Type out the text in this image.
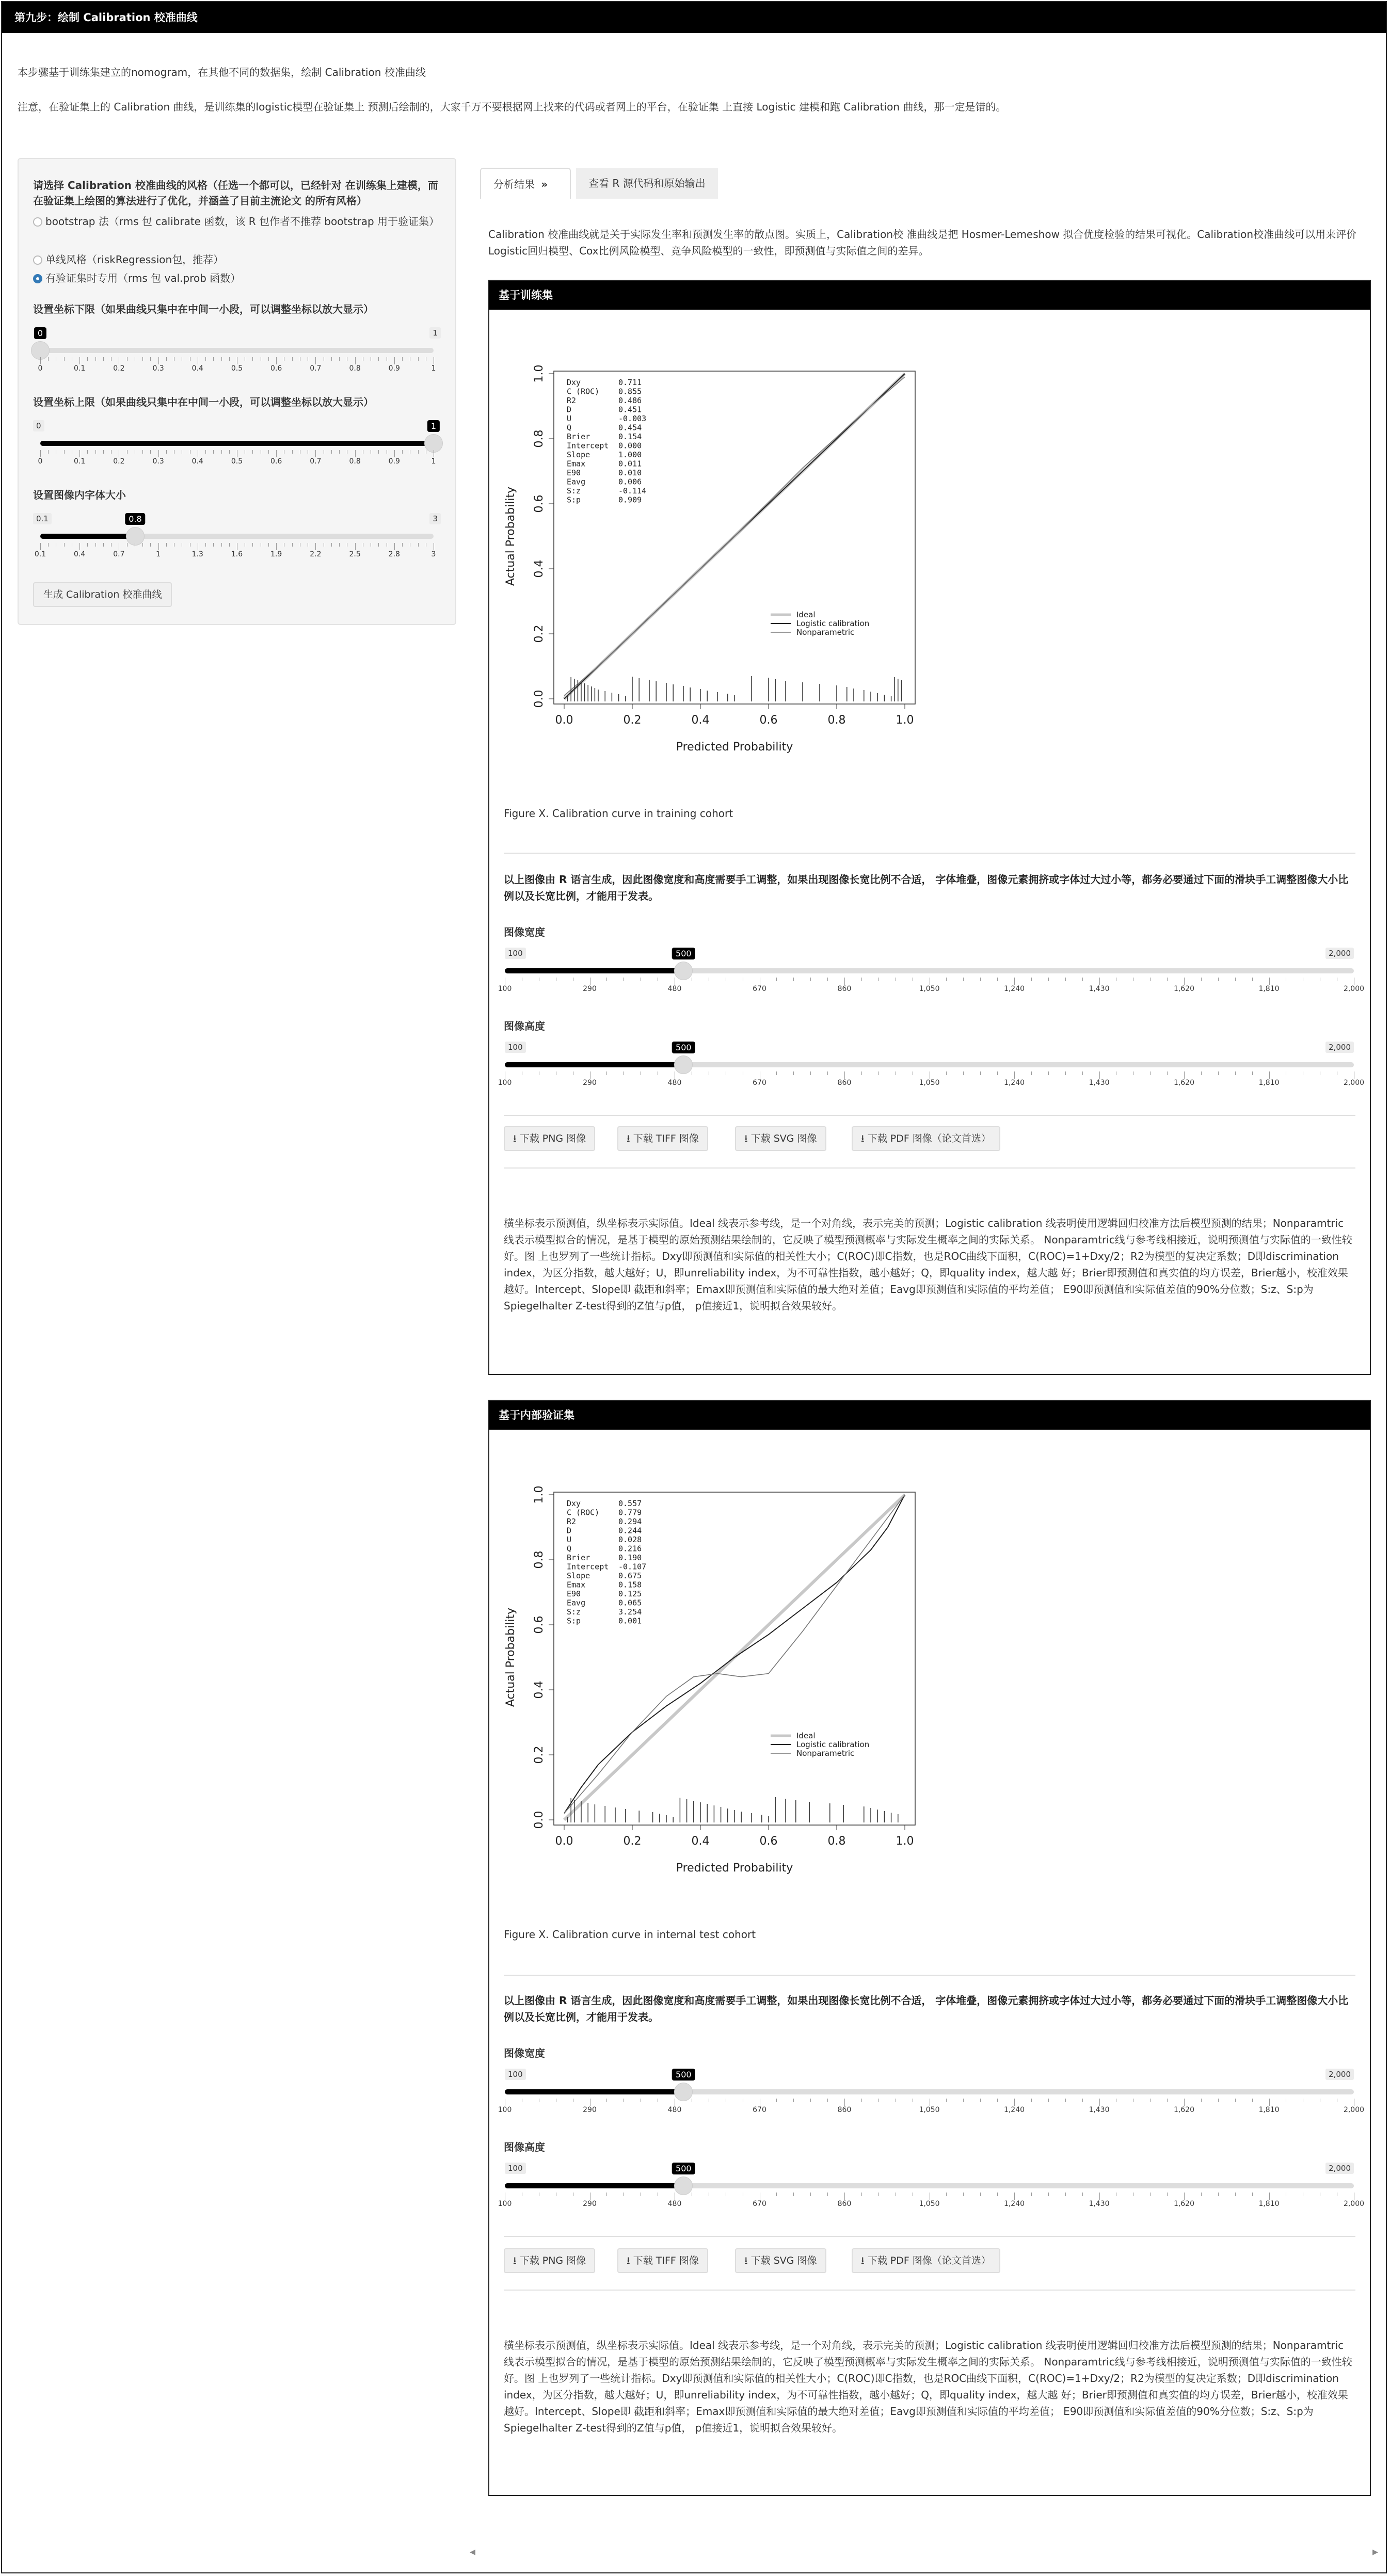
第九步：绘制 Calibration 校准曲线
本步骤基于训练集建立的nomogram，在其他不同的数据集，绘制 Calibration 校准曲线
注意，在验证集上的 Calibration 曲线，是训练集的logistic模型在验证集上 预测后绘制的，大家千万不要根据网上找来的代码或者网上的平台，在验证集 上直接 Logistic 建模和跑 Calibration 曲线，那一定是错的。
请选择 Calibration 校准曲线的风格（任选一个都可以，已经针对 在训练集上建模，而在验证集上绘图的算法进行了优化，并涵盖了目前主流论文 的所有风格）
bootstrap 法（rms 包 calibrate 函数，该 R 包作者不推荐 bootstrap 用于验证集）
单线风格（riskRegression包，推荐）
有验证集时专用（rms 包 val.prob 函数）
设置坐标下限（如果曲线只集中在中间一小段，可以调整坐标以放大显示）
1
0
0	0.1	0.2	0.3	0.4	0.5	0.6	0.7	0.8	0.9	1
设置坐标上限（如果曲线只集中在中间一小段，可以调整坐标以放大显示）
0	1
0	0.1	0.2	0.3	0.4	0.5	0.6	0.7	0.8	0.9	1
设置图像内字体大小
0.1	3
0.8
0.1	0.4	0.7	1	1.3	1.6	1.9	2.2	2.5	2.8	3
生成 Calibration 校准曲线
分析结果 »	查看 R 源代码和原始输出
Calibration 校准曲线就是关于实际发生率和预测发生率的散点图。实质上，Calibration校 准曲线是把 Hosmer-Lemeshow 拟合优度检验的结果可视化。Calibration校准曲线可以用来评价 Logistic回归模型、Cox比例风险模型、竞争风险模型的一致性，即预测值与实际值之间的差异。
基于训练集
0.0
0.0
0.2
0.2
0.4
0.4
0.6
0.6
0.8
0.8
1.0
1.0
Predicted Probability
Actual Probability
Dxy	0.711
C (ROC) 0.855
R2	0.486
D	0.451
U	-0.003
Q	0.454
Brier	0.154
Intercept 0.000
Slope	1.000
Emax	0.011
E90	0.010
Eavg	0.006
S:z	-0.114
S:p	0.909
Ideal
Logistic calibration
Nonparametric
Figure X. Calibration curve in training cohort
以上图像由 R 语言生成，因此图像宽度和高度需要手工调整，如果出现图像长宽比例不合适， 字体堆叠，图像元素拥挤或字体过大过小等，都务必要通过下面的滑块手工调整图像大小比例以及长宽比例，才能用于发表。
图像宽度
100	2,000
500
100	290	480	670	860	1,050	1,240	1,430	1,620	1,810	2,000
图像高度
100	2,000
500
100	290	480	670	860	1,050	1,240	1,430	1,620	1,810	2,000
⭳ 下载 PNG 图像	⭳ 下载 TIFF 图像	⭳ 下载 SVG 图像	⭳ 下载 PDF 图像（论文首选）
横坐标表示预测值，纵坐标表示实际值。Ideal 线表示参考线，是一个对角线，表示完美的预测；Logistic calibration 线表明使用逻辑回归校准方法后模型预测的结果；Nonparamtric 线表示模型拟合的情况，是基于模型的原始预测结果绘制的，它反映了模型预测概率与实际发生概率之间的实际关系。 Nonparamtric线与参考线相接近，说明预测值与实际值的一致性较好。图 上也罗列了一些统计指标。Dxy即预测值和实际值的相关性大小；C(ROC)即C指数，也是ROC曲线下面积，C(ROC)=1+Dxy/2；R2为模型的复决定系数；D即discrimination index，为区分指数，越大越好；U，即unreliability index，为不可靠性指数，越小越好；Q，即quality index，越大越 好；Brier即预测值和真实值的均方误差，Brier越小，校准效果越好。Intercept、Slope即 截距和斜率；Emax即预测值和实际值的最大绝对差值；Eavg即预测值和实际值的平均差值； E90即预测值和实际值差值的90%分位数；S:z、S:p为Spiegelhalter Z-test得到的Z值与p值， p值接近1，说明拟合效果较好。
基于内部验证集
0.0
0.0
0.2
0.2
0.4
0.4
0.6
0.6
0.8
0.8
1.0
1.0
Predicted Probability
Actual Probability
Dxy	0.557
C (ROC) 0.779
R2	0.294
D	0.244
U	0.028
Q	0.216
Brier	0.190
Intercept -0.107
Slope	0.675
Emax	0.158
E90	0.125
Eavg	0.065
S:z	3.254
S:p	0.001
Ideal
Logistic calibration
Nonparametric
Figure X. Calibration curve in internal test cohort
以上图像由 R 语言生成，因此图像宽度和高度需要手工调整，如果出现图像长宽比例不合适， 字体堆叠，图像元素拥挤或字体过大过小等，都务必要通过下面的滑块手工调整图像大小比例以及长宽比例，才能用于发表。
图像宽度
100	2,000
500
100	290	480	670	860	1,050	1,240	1,430	1,620	1,810	2,000
图像高度
100	2,000
500
100	290	480	670	860	1,050	1,240	1,430	1,620	1,810	2,000
⭳ 下载 PNG 图像	⭳ 下载 TIFF 图像	⭳ 下载 SVG 图像	⭳ 下载 PDF 图像（论文首选）
横坐标表示预测值，纵坐标表示实际值。Ideal 线表示参考线，是一个对角线，表示完美的预测；Logistic calibration 线表明使用逻辑回归校准方法后模型预测的结果；Nonparamtric 线表示模型拟合的情况，是基于模型的原始预测结果绘制的，它反映了模型预测概率与实际发生概率之间的实际关系。 Nonparamtric线与参考线相接近，说明预测值与实际值的一致性较好。图 上也罗列了一些统计指标。Dxy即预测值和实际值的相关性大小；C(ROC)即C指数，也是ROC曲线下面积，C(ROC)=1+Dxy/2；R2为模型的复决定系数；D即discrimination index，为区分指数，越大越好；U，即unreliability index，为不可靠性指数，越小越好；Q，即quality index，越大越 好；Brier即预测值和真实值的均方误差，Brier越小，校准效果越好。Intercept、Slope即 截距和斜率；Emax即预测值和实际值的最大绝对差值；Eavg即预测值和实际值的平均差值； E90即预测值和实际值差值的90%分位数；S:z、S:p为Spiegelhalter Z-test得到的Z值与p值， p值接近1，说明拟合效果较好。
◂	▸
